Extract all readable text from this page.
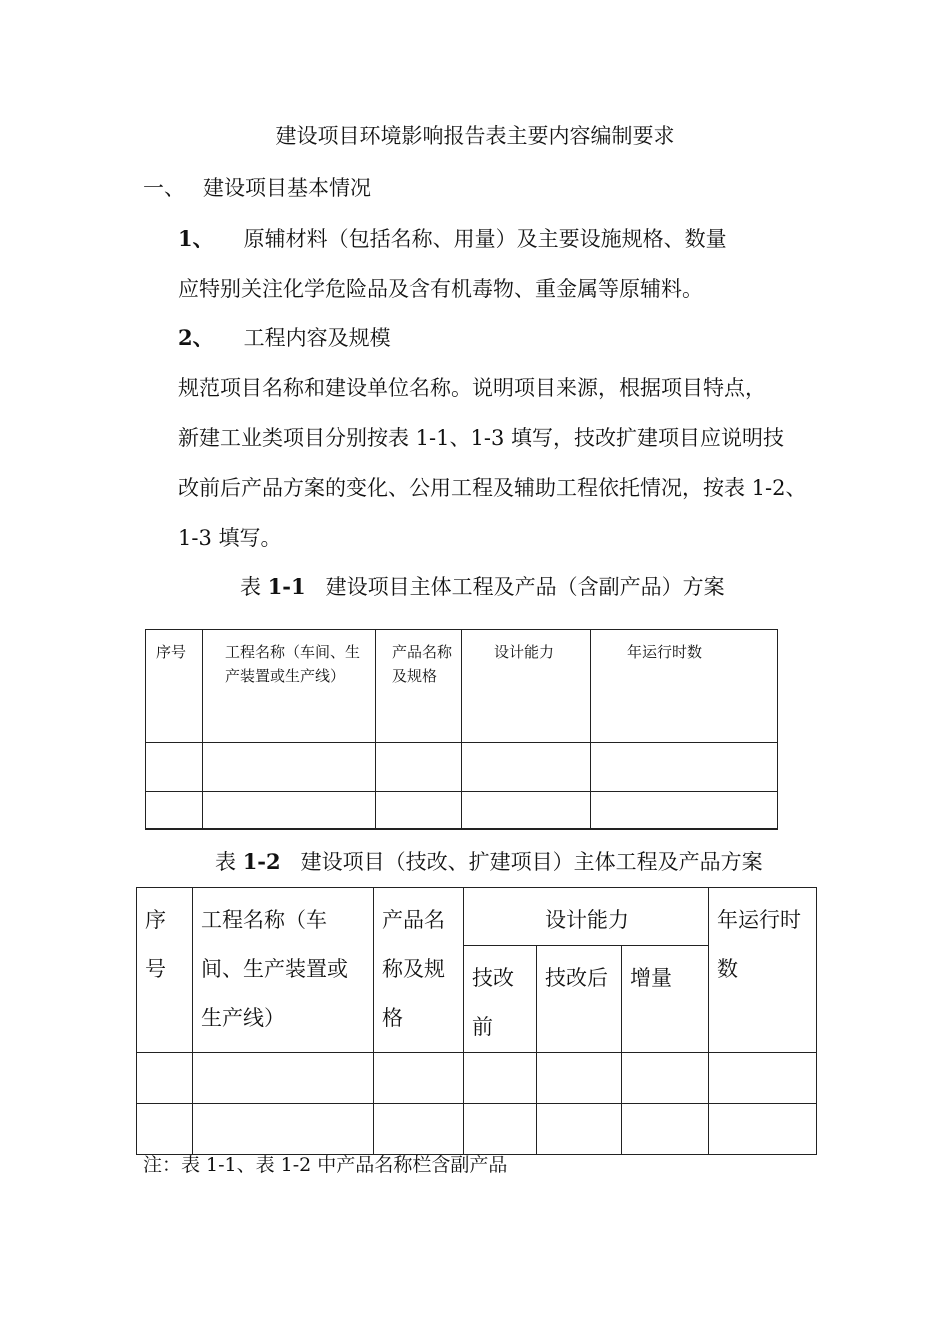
建设项目环境影响报告表主要内容编制要求
一、 建设项目基本情况
1、 原辅材料（包括名称、用量）及主要设施规格、数量
应特别关注化学危险品及含有机毒物、重金属等原辅料。
2、 工程内容及规模
规范项目名称和建设单位名称。说明项目来源，根据项目特点，
新建工业类项目分别按表 1-1、1-3 填写，技改扩建项目应说明技
改前后产品方案的变化、公用工程及辅助工程依托情况，按表 1-2、
1-3 填写。
表 1-1 建设项目主体工程及产品（含副产品）方案
序号	工程名称（车间、生产装置或生产线）	产品名称及规格	设计能力	年运行时数

表 1-2 建设项目（技改、扩建项目）主体工程及产品方案
序号	工程名称（车间、生产装置或生产线）	产品名称及规格	设计能力			年运行时数
			技改前	技改后	增量	

注：表 1-1、表 1-2 中产品名称栏含副产品
